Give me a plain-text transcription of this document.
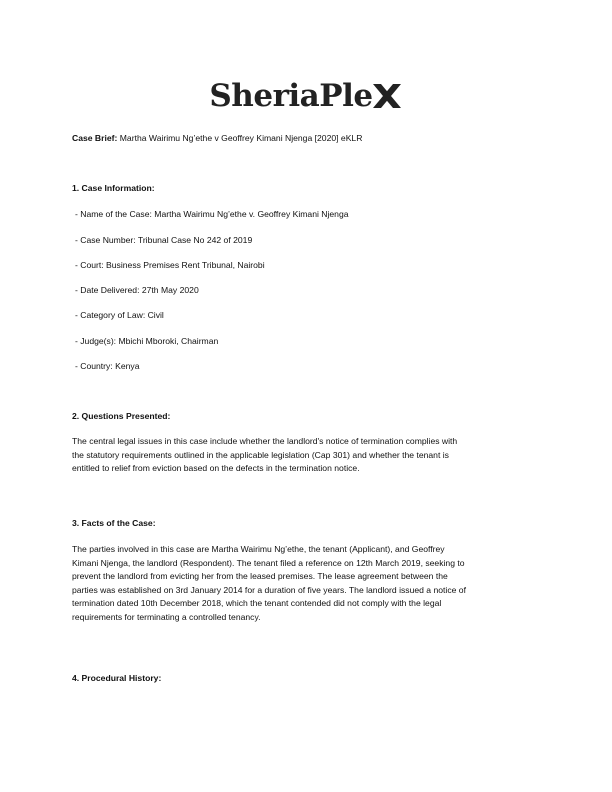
SheriaPle
Case Brief: Martha Wairimu Ng’ethe v Geoffrey Kimani Njenga [2020] eKLR
1. Case Information:
- Name of the Case: Martha Wairimu Ng’ethe v. Geoffrey Kimani Njenga
- Case Number: Tribunal Case No 242 of 2019
- Court: Business Premises Rent Tribunal, Nairobi
- Date Delivered: 27th May 2020
- Category of Law: Civil
- Judge(s): Mbichi Mboroki, Chairman
- Country: Kenya
2. Questions Presented:
The central legal issues in this case include whether the landlord's notice of termination complies with
the statutory requirements outlined in the applicable legislation (Cap 301) and whether the tenant is
entitled to relief from eviction based on the defects in the termination notice.
3. Facts of the Case:
The parties involved in this case are Martha Wairimu Ng’ethe, the tenant (Applicant), and Geoffrey
Kimani Njenga, the landlord (Respondent). The tenant filed a reference on 12th March 2019, seeking to
prevent the landlord from evicting her from the leased premises. The lease agreement between the
parties was established on 3rd January 2014 for a duration of five years. The landlord issued a notice of
termination dated 10th December 2018, which the tenant contended did not comply with the legal
requirements for terminating a controlled tenancy.
4. Procedural History:
